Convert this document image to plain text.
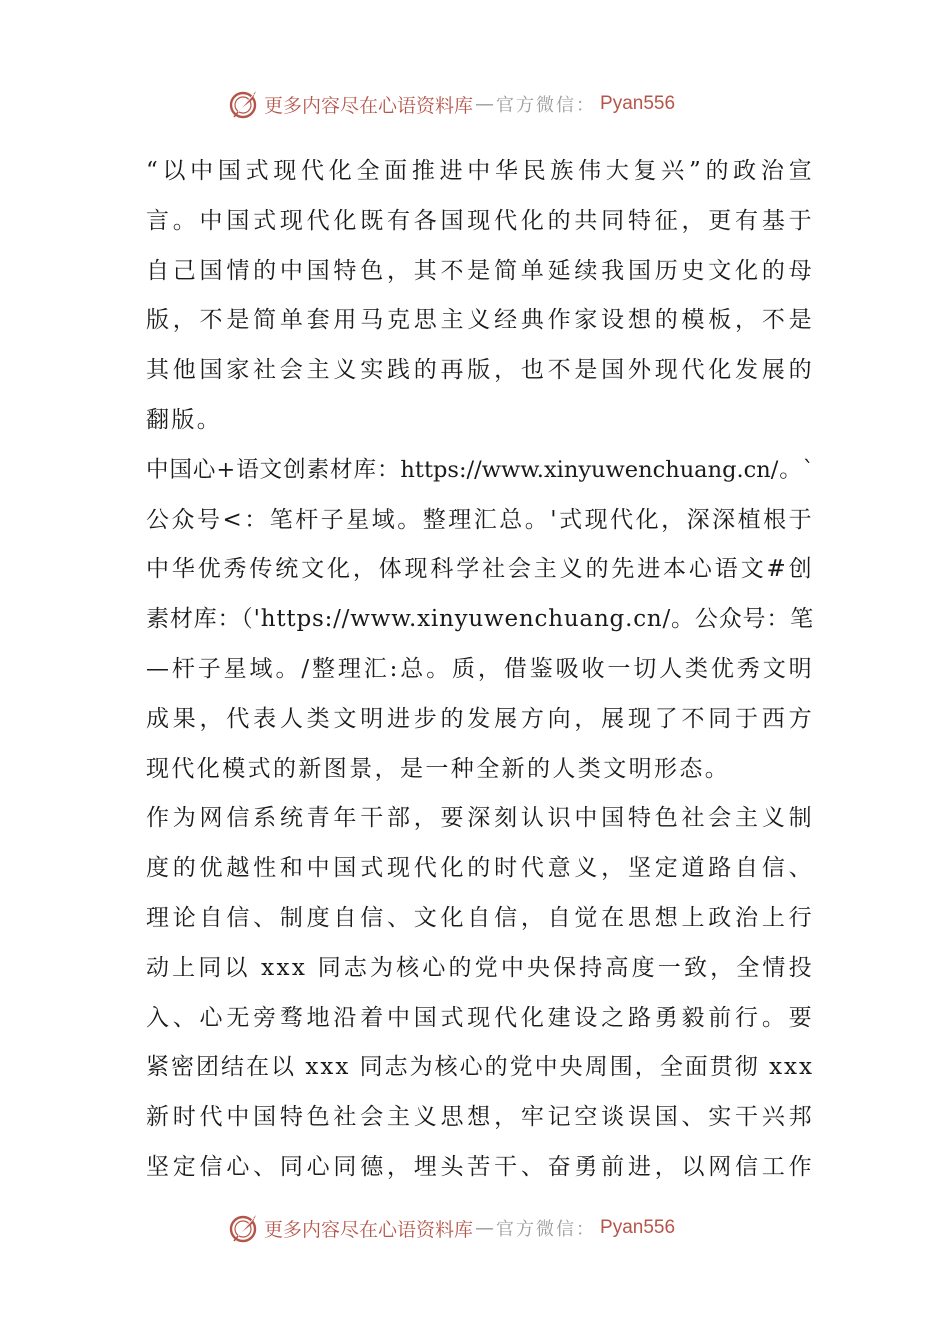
更多内容尽在心语资料库 — 官方微信： Pyan556
“以中国式现代化全面推进中华民族伟大复兴”的政治宣
言。中国式现代化既有各国现代化的共同特征，更有基于
自己国情的中国特色，其不是简单延续我国历史文化的母
版，不是简单套用马克思主义经典作家设想的模板，不是
其他国家社会主义实践的再版，也不是国外现代化发展的
翻版。
中国心+语文创素材库：https://www.xinyuwenchuang.cn/。`
公众号<：笔杆子星域。整理汇总。'式现代化，深深植根于
中华优秀传统文化，体现科学社会主义的先进本心语文#创
素材库：（'https://www.xinyuwenchuang.cn/。公众号：笔
—杆子星域。/整理汇:总。质，借鉴吸收一切人类优秀文明
成果，代表人类文明进步的发展方向，展现了不同于西方
现代化模式的新图景，是一种全新的人类文明形态。
作为网信系统青年干部，要深刻认识中国特色社会主义制
度的优越性和中国式现代化的时代意义，坚定道路自信、
理论自信、制度自信、文化自信，自觉在思想上政治上行
动上同以 xxx 同志为核心的党中央保持高度一致，全情投
入、心无旁骛地沿着中国式现代化建设之路勇毅前行。要
紧密团结在以 xxx 同志为核心的党中央周围，全面贯彻 xxx
新时代中国特色社会主义思想，牢记空谈误国、实干兴邦
坚定信心、同心同德，埋头苦干、奋勇前进，以网信工作
更多内容尽在心语资料库 — 官方微信： Pyan556
